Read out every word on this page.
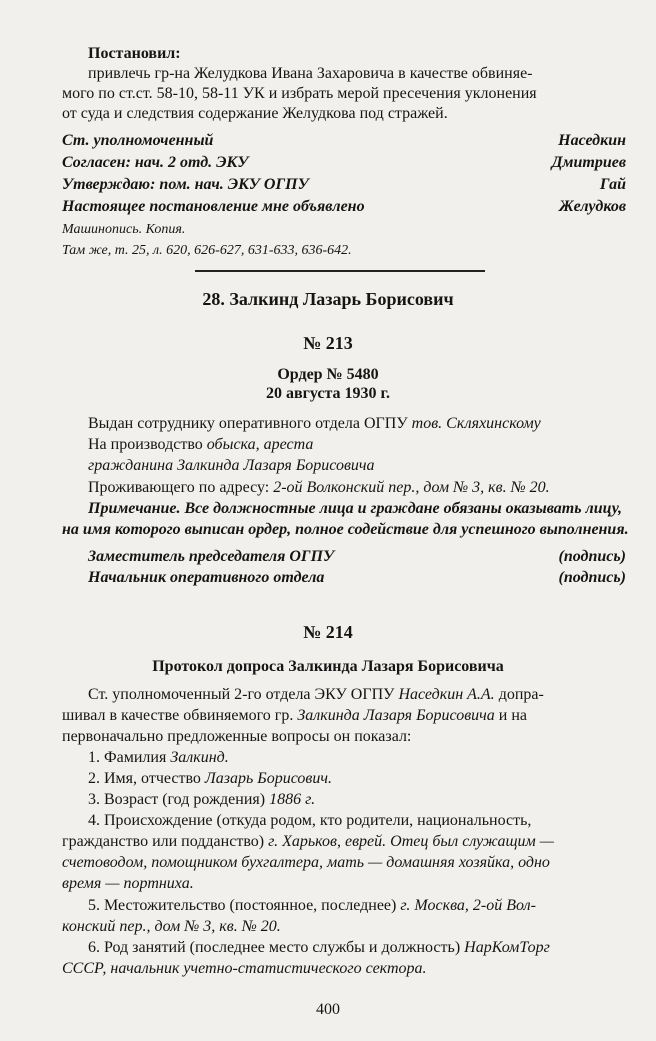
Постановил:
привлечь гр-на Желудкова Ивана Захаровича в качестве обвиняе-
мого по ст.ст. 58-10, 58-11 УК и избрать мерой пресечения уклонения
от суда и следствия содержание Желудкова под стражей.
Ст. уполномоченный	Наседкин
Согласен: нач. 2 отд. ЭКУ	Дмитриев
Утверждаю: пом. нач. ЭКУ ОГПУ	Гай
Настоящее постановление мне объявлено	Желудков
Машинопись. Копия.
Там же, т. 25, л. 620, 626-627, 631-633, 636-642.
28. Залкинд Лазарь Борисович
№ 213
Ордер № 5480
20 августа 1930 г.
Выдан сотруднику оперативного отдела ОГПУ тов. Скляхинскому
На производство обыска, ареста
гражданина Залкинда Лазаря Борисовича
Проживающего по адресу: 2-ой Волконский пер., дом № 3, кв. № 20.
Примечание. Все должностные лица и граждане обязаны оказывать лицу,
на имя которого выписан ордер, полное содействие для успешного выполнения.
Заместитель председателя ОГПУ	(подпись)
Начальник оперативного отдела	(подпись)
№ 214
Протокол допроса Залкинда Лазаря Борисовича
Ст. уполномоченный 2-го отдела ЭКУ ОГПУ Наседкин А.А. допра-
шивал в качестве обвиняемого гр. Залкинда Лазаря Борисовича и на
первоначально предложенные вопросы он показал:
1. Фамилия Залкинд.
2. Имя, отчество Лазарь Борисович.
3. Возраст (год рождения) 1886 г.
4. Происхождение (откуда родом, кто родители, национальность,
гражданство или подданство) г. Харьков, еврей. Отец был служащим —
счетоводом, помощником бухгалтера, мать — домашняя хозяйка, одно
время — портниха.
5. Местожительство (постоянное, последнее) г. Москва, 2-ой Вол-
конский пер., дом № 3, кв. № 20.
6. Род занятий (последнее место службы и должность) НарКомТорг
СССР, начальник учетно-статистического сектора.
400
